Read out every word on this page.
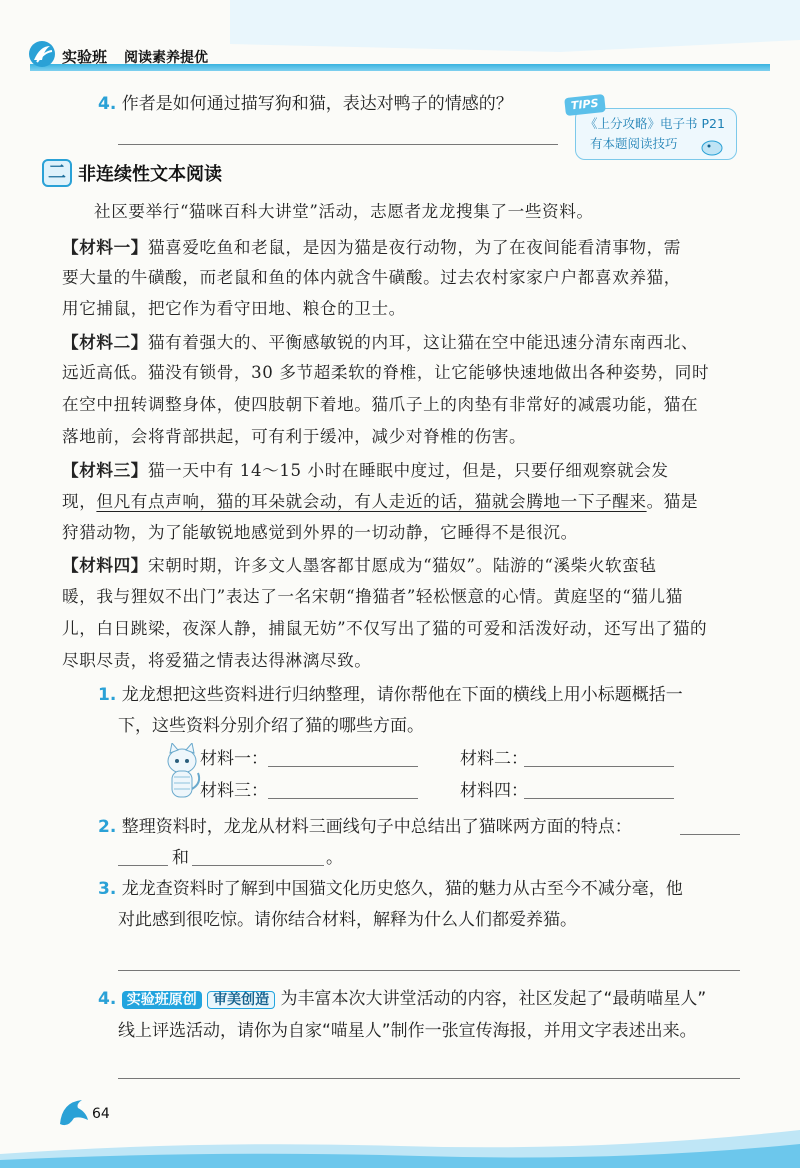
实验班 阅读素养提优
4. 作者是如何通过描写狗和猫，表达对鸭子的情感的？	TIPS
《上分攻略》电子书 P21
有本题阅读技巧
二 非连续性文本阅读
社区要举行“猫咪百科大讲堂”活动，志愿者龙龙搜集了一些资料。
【材料一】猫喜爱吃鱼和老鼠，是因为猫是夜行动物，为了在夜间能看清事物，需
要大量的牛磺酸，而老鼠和鱼的体内就含牛磺酸。过去农村家家户户都喜欢养猫，
用它捕鼠，把它作为看守田地、粮仓的卫士。
【材料二】猫有着强大的、平衡感敏锐的内耳，这让猫在空中能迅速分清东南西北、
远近高低。猫没有锁骨，30 多节超柔软的脊椎，让它能够快速地做出各种姿势，同时
在空中扭转调整身体，使四肢朝下着地。猫爪子上的肉垫有非常好的减震功能，猫在
落地前，会将背部拱起，可有利于缓冲，减少对脊椎的伤害。
【材料三】猫一天中有 14～15 小时在睡眠中度过，但是，只要仔细观察就会发
现，但凡有点声响，猫的耳朵就会动，有人走近的话，猫就会腾地一下子醒来。猫是
狩猎动物，为了能敏锐地感觉到外界的一切动静，它睡得不是很沉。
【材料四】宋朝时期，许多文人墨客都甘愿成为“猫奴”。陆游的“溪柴火软蛮毡
暖，我与狸奴不出门”表达了一名宋朝“撸猫者”轻松惬意的心情。黄庭坚的“猫儿猫
儿，白日跳梁，夜深人静，捕鼠无妨”不仅写出了猫的可爱和活泼好动，还写出了猫的
尽职尽责，将爱猫之情表达得淋漓尽致。
1. 龙龙想把这些资料进行归纳整理，请你帮他在下面的横线上用小标题概括一
下，这些资料分别介绍了猫的哪些方面。
材料一：	材料二：
材料三：	材料四：
2. 整理资料时，龙龙从材料三画线句子中总结出了猫咪两方面的特点：
和	。
3. 龙龙查资料时了解到中国猫文化历史悠久，猫的魅力从古至今不减分毫，他
对此感到很吃惊。请你结合材料，解释为什么人们都爱养猫。
4. 实验班原创 审美创造 为丰富本次大讲堂活动的内容，社区发起了“最萌喵星人”
线上评选活动，请你为自家“喵星人”制作一张宣传海报，并用文字表述出来。
64
